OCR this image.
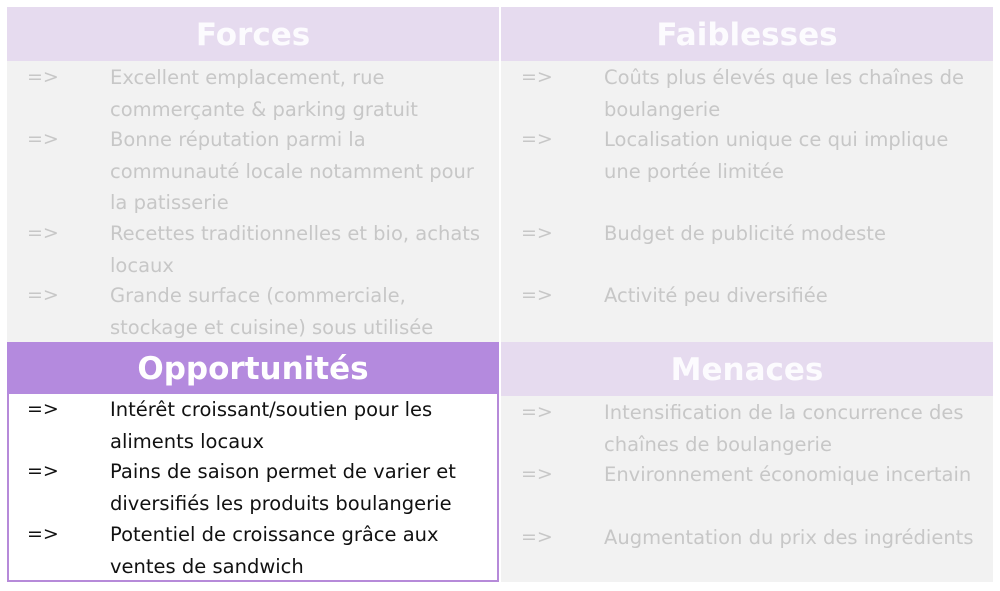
Forces
=>	Excellent emplacement, rue commerçante & parking gratuit
=>	Bonne réputation parmi la communauté locale notamment pour la patisserie
=>	Recettes traditionnelles et bio, achats locaux
=>	Grande surface (commerciale, stockage et cuisine) sous utilisée
Faiblesses
=>	Coûts plus élevés que les chaînes de boulangerie
=>	Localisation unique ce qui implique une portée limitée
=>	Budget de publicité modeste
=>	Activité peu diversifiée
Opportunités
=>	Intérêt croissant/soutien pour les aliments locaux
=>	Pains de saison permet de varier et diversifiés les produits boulangerie
=>	Potentiel de croissance grâce aux ventes de sandwich
Menaces
=>	Intensification de la concurrence des chaînes de boulangerie
=>	Environnement économique incertain
=>	Augmentation du prix des ingrédients
